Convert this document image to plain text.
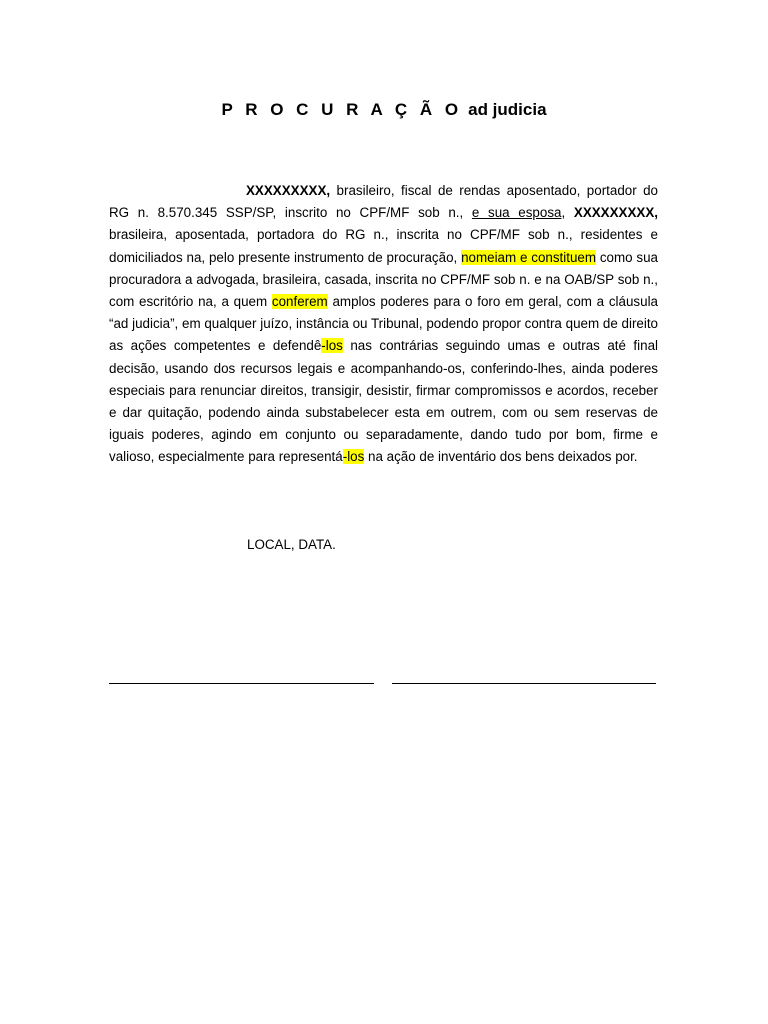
P R O C U R A Ç Ã O ad judicia

XXXXXXXXX, brasileiro, fiscal de rendas aposentado, portador do RG n. 8.570.345 SSP/SP, inscrito no CPF/MF sob n., e sua esposa, XXXXXXXXX, brasileira, aposentada, portadora do RG n., inscrita no CPF/MF sob n., residentes e domiciliados na, pelo presente instrumento de procuração, nomeiam e constituem como sua procuradora a advogada, brasileira, casada, inscrita no CPF/MF sob n. e na OAB/SP sob n., com escritório na, a quem conferem amplos poderes para o foro em geral, com a cláusula “ad judicia”, em qualquer juízo, instância ou Tribunal, podendo propor contra quem de direito as ações competentes e defendê-los nas contrárias seguindo umas e outras até final decisão, usando dos recursos legais e acompanhando-os, conferindo-lhes, ainda poderes especiais para renunciar direitos, transigir, desistir, firmar compromissos e acordos, receber e dar quitação, podendo ainda substabelecer esta em outrem, com ou sem reservas de iguais poderes, agindo em conjunto ou separadamente, dando tudo por bom, firme e valioso, especialmente para representá-los na ação de inventário dos bens deixados por.

LOCAL, DATA.
